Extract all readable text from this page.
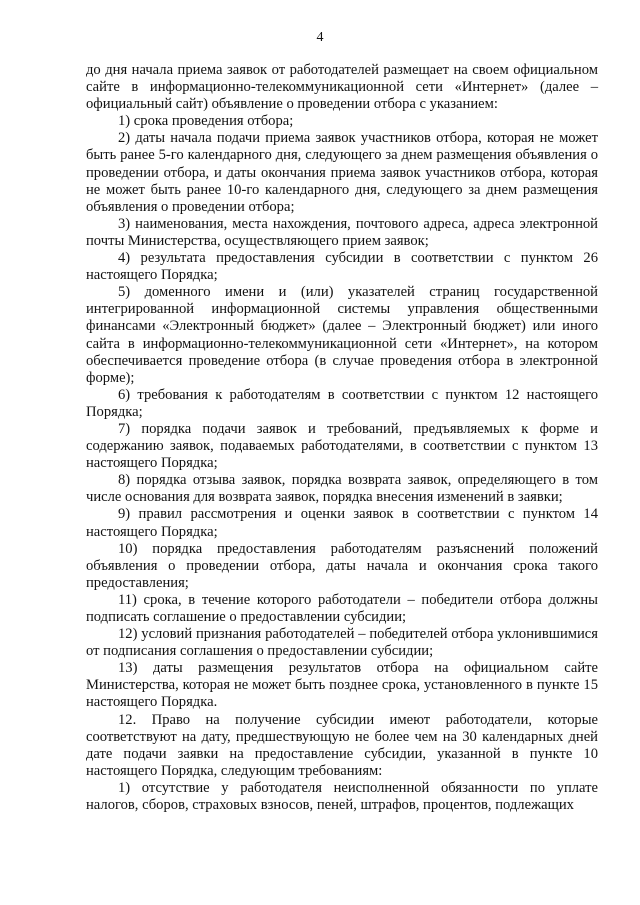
4

до дня начала приема заявок от работодателей размещает на своем официальном сайте в информационно-телекоммуникационной сети «Интернет» (далее – официальный сайт) объявление о проведении отбора с указанием:

1) срока проведения отбора;

2) даты начала подачи приема заявок участников отбора, которая не может быть ранее 5-го календарного дня, следующего за днем размещения объявления о проведении отбора, и даты окончания приема заявок участников отбора, которая не может быть ранее 10-го календарного дня, следующего за днем размещения объявления о проведении отбора;

3) наименования, места нахождения, почтового адреса, адреса электронной почты Министерства, осуществляющего прием заявок;

4) результата предоставления субсидии в соответствии с пунктом 26 настоящего Порядка;

5) доменного имени и (или) указателей страниц государственной интегрированной информационной системы управления общественными финансами «Электронный бюджет» (далее – Электронный бюджет) или иного сайта в информационно-телекоммуникационной сети «Интернет», на котором обеспечивается проведение отбора (в случае проведения отбора в электронной форме);

6) требования к работодателям в соответствии с пунктом 12 настоящего Порядка;

7) порядка подачи заявок и требований, предъявляемых к форме и содержанию заявок, подаваемых работодателями, в соответствии с пунктом 13 настоящего Порядка;

8) порядка отзыва заявок, порядка возврата заявок, определяющего в том числе основания для возврата заявок, порядка внесения изменений в заявки;

9) правил рассмотрения и оценки заявок в соответствии с пунктом 14 настоящего Порядка;

10) порядка предоставления работодателям разъяснений положений объявления о проведении отбора, даты начала и окончания срока такого предоставления;

11) срока, в течение которого работодатели – победители отбора должны подписать соглашение о предоставлении субсидии;

12) условий признания работодателей – победителей отбора уклонившимися от подписания соглашения о предоставлении субсидии;

13) даты размещения результатов отбора на официальном сайте Министерства, которая не может быть позднее срока, установленного в пункте 15 настоящего Порядка.

12. Право на получение субсидии имеют работодатели, которые соответствуют на дату, предшествующую не более чем на 30 календарных дней дате подачи заявки на предоставление субсидии, указанной в пункте 10 настоящего Порядка, следующим требованиям:

1) отсутствие у работодателя неисполненной обязанности по уплате налогов, сборов, страховых взносов, пеней, штрафов, процентов, подлежащих
